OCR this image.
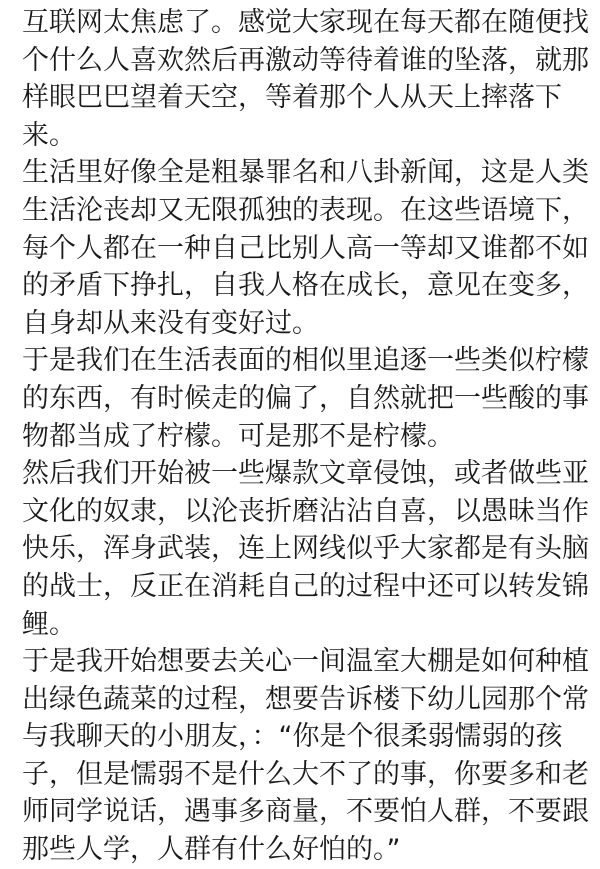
互联网太焦虑了。感觉大家现在每天都在随便找
个什么人喜欢然后再激动等待着谁的坠落，就那
样眼巴巴望着天空，等着那个人从天上摔落下
来。
生活里好像全是粗暴罪名和八卦新闻，这是人类
生活沦丧却又无限孤独的表现。在这些语境下，
每个人都在一种自己比别人高一等却又谁都不如
的矛盾下挣扎，自我人格在成长，意见在变多，
自身却从来没有变好过。
于是我们在生活表面的相似里追逐一些类似柠檬
的东西，有时候走的偏了，自然就把一些酸的事
物都当成了柠檬。可是那不是柠檬。
然后我们开始被一些爆款文章侵蚀，或者做些亚
文化的奴隶，以沦丧折磨沾沾自喜，以愚昧当作
快乐，浑身武装，连上网线似乎大家都是有头脑
的战士，反正在消耗自己的过程中还可以转发锦
鲤。
于是我开始想要去关心一间温室大棚是如何种植
出绿色蔬菜的过程，想要告诉楼下幼儿园那个常
与我聊天的小朋友，：“你是个很柔弱懦弱的孩
子，但是懦弱不是什么大不了的事，你要多和老
师同学说话，遇事多商量，不要怕人群，不要跟
那些人学，人群有什么好怕的。”
